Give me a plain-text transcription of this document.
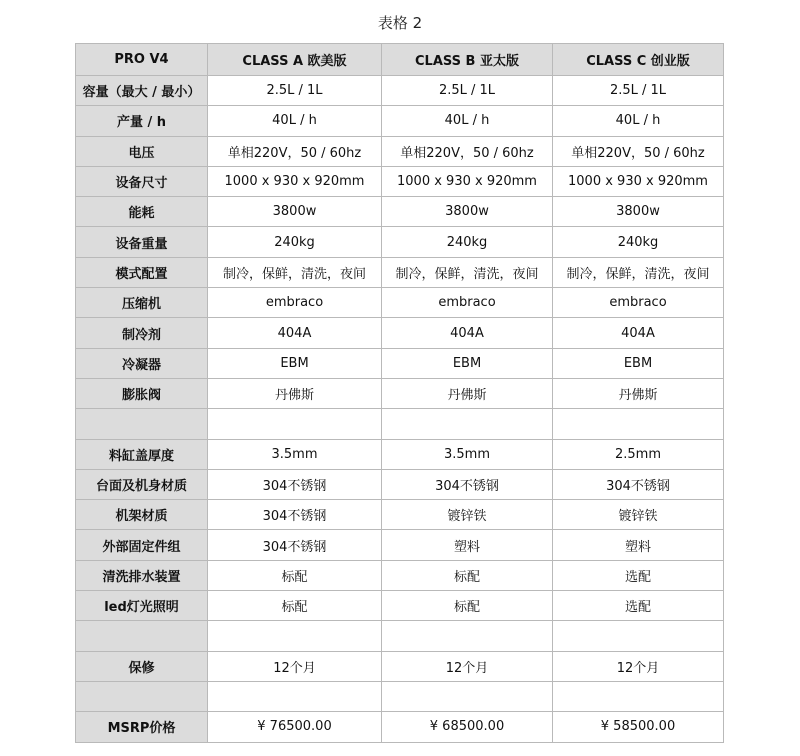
表格 2
PRO V4	CLASS A 欧美版	CLASS B 亚太版	CLASS C 创业版
容量（最大 / 最小）	2.5L / 1L	2.5L / 1L	2.5L / 1L
产量 / h	40L / h	40L / h	40L / h
电压	单相220V，50 / 60hz	单相220V，50 / 60hz	单相220V，50 / 60hz
设备尺寸	1000 x 930 x 920mm	1000 x 930 x 920mm	1000 x 930 x 920mm
能耗	3800w	3800w	3800w
设备重量	240kg	240kg	240kg
模式配置	制冷，保鲜，清洗，夜间	制冷，保鲜，清洗，夜间	制冷，保鲜，清洗，夜间
压缩机	embraco	embraco	embraco
制冷剂	404A	404A	404A
冷凝器	EBM	EBM	EBM
膨胀阀	丹佛斯	丹佛斯	丹佛斯

料缸盖厚度	3.5mm	3.5mm	2.5mm
台面及机身材质	304不锈钢	304不锈钢	304不锈钢
机架材质	304不锈钢	镀锌铁	镀锌铁
外部固定件组	304不锈钢	塑料	塑料
清洗排水装置	标配	标配	选配
led灯光照明	标配	标配	选配

保修	12个月	12个月	12个月

MSRP价格	¥ 76500.00	¥ 68500.00	¥ 58500.00
